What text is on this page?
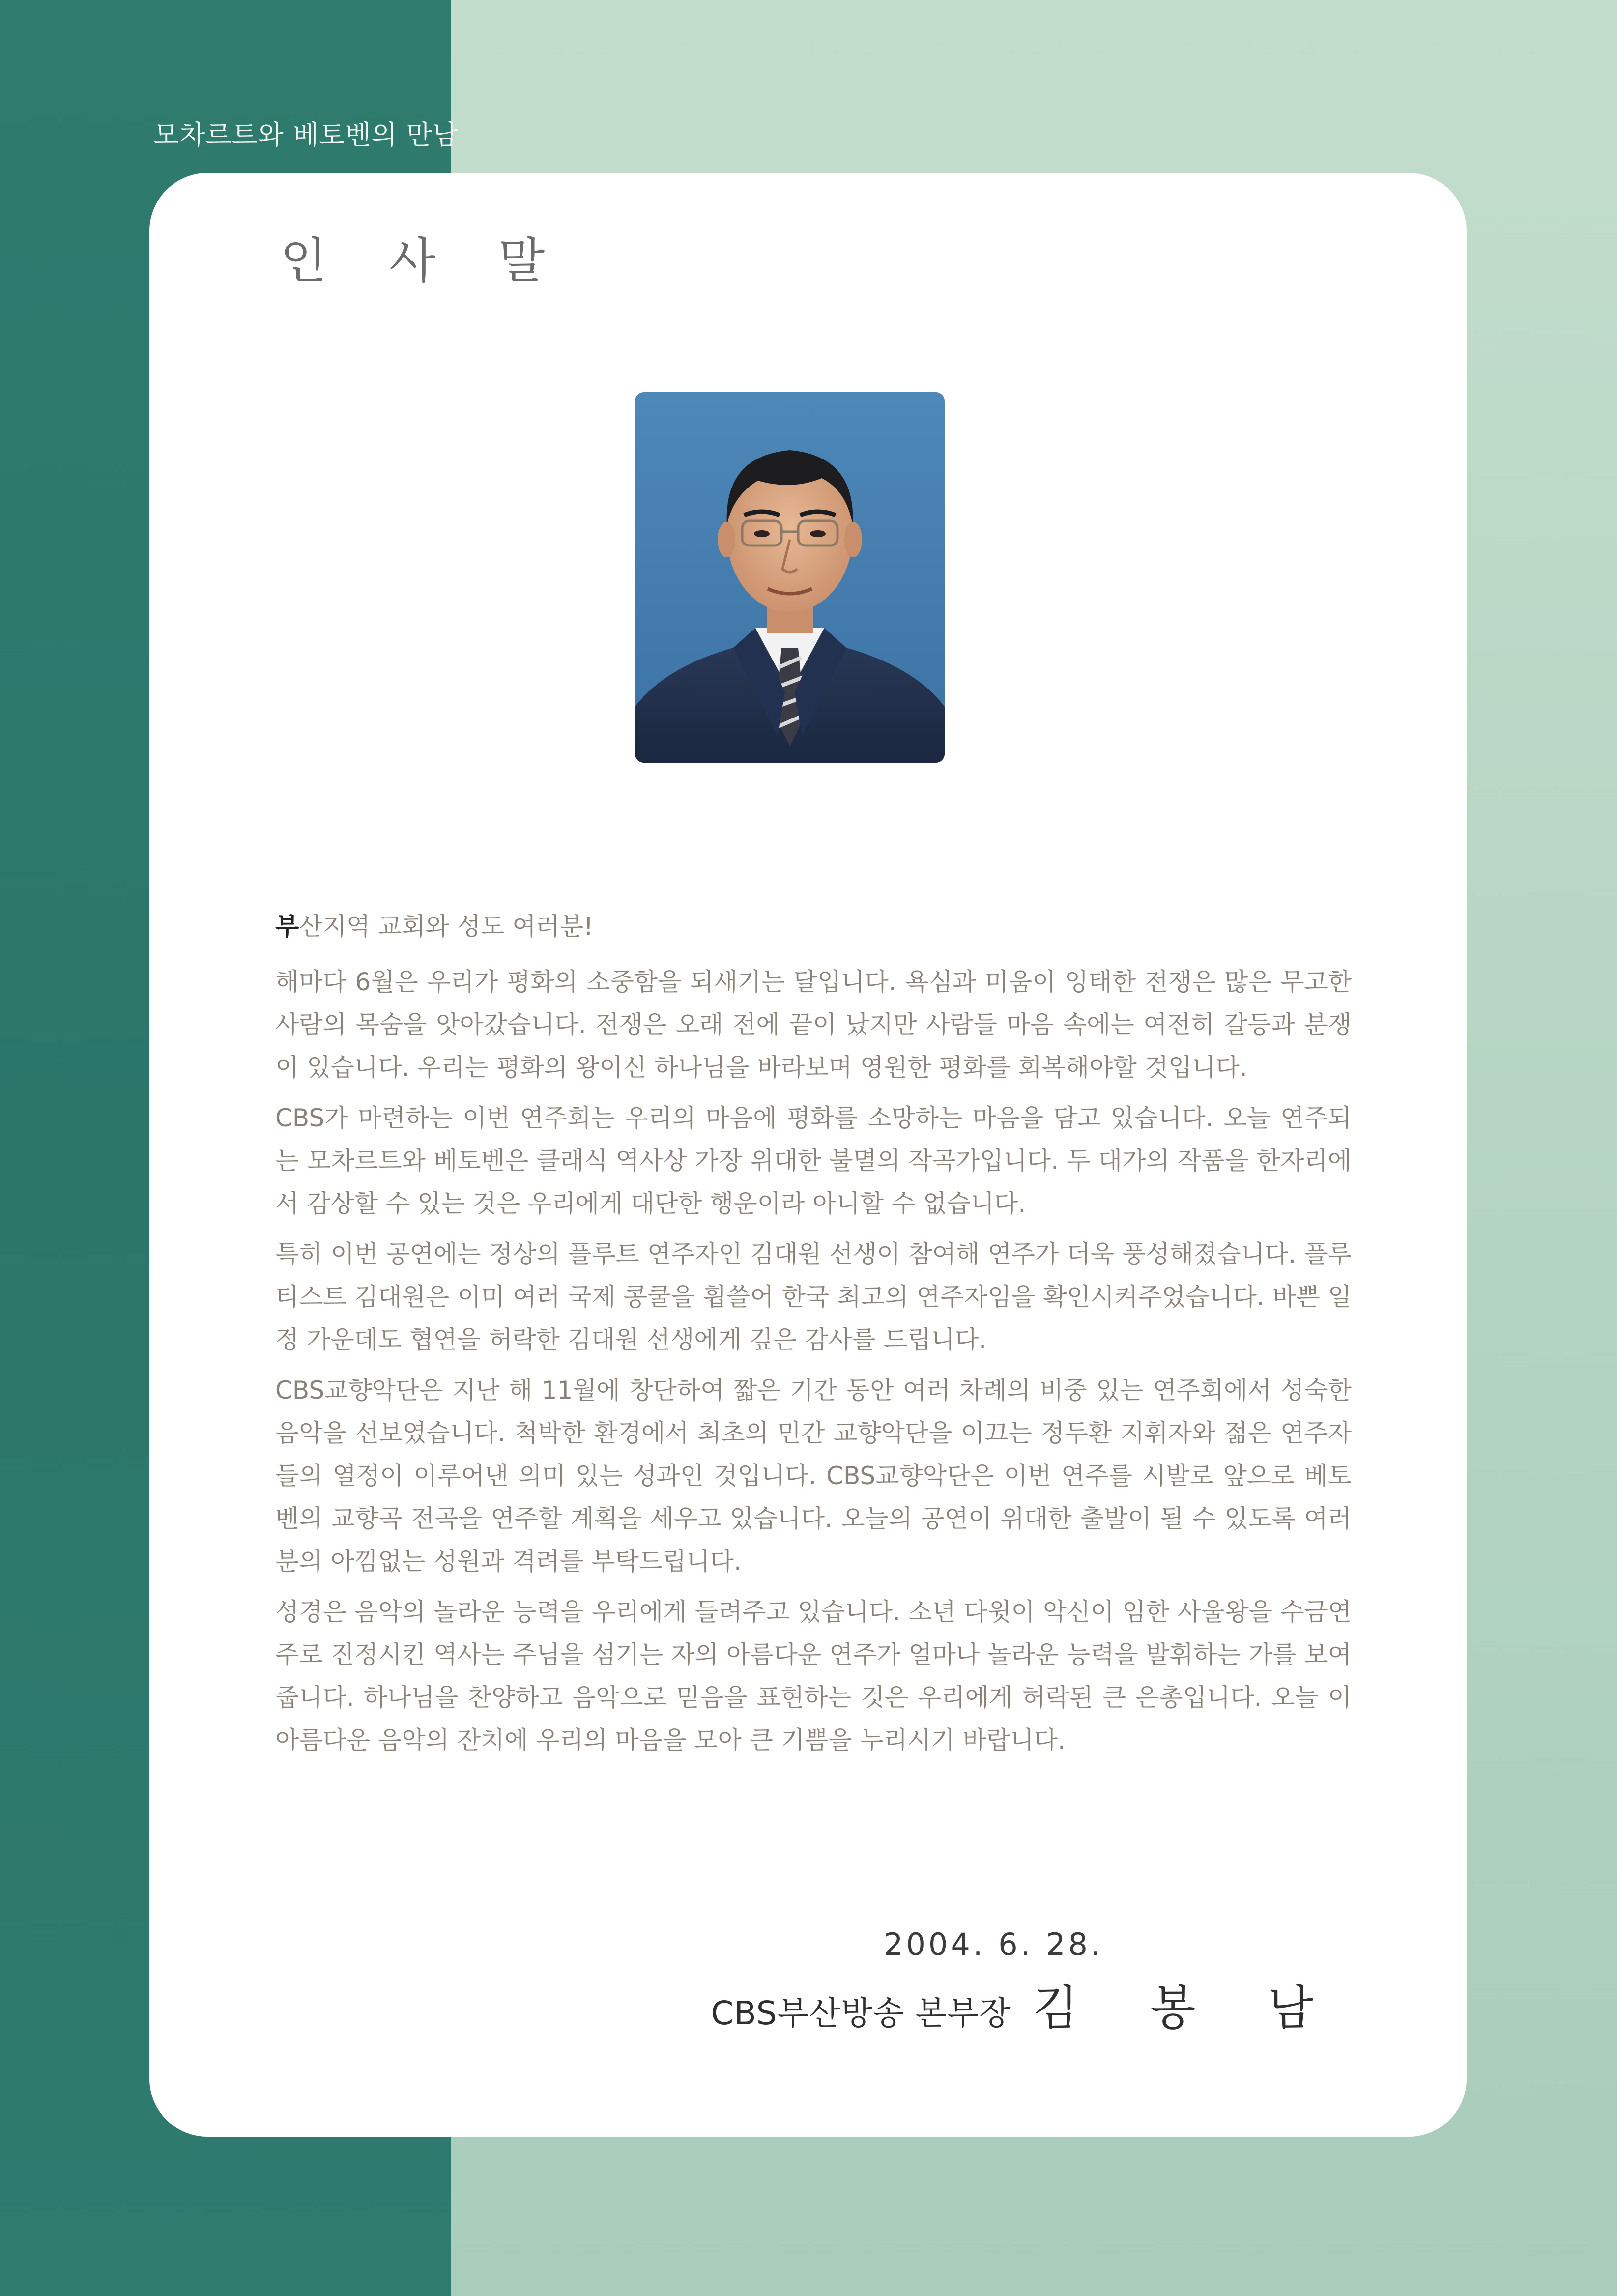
모차르트와 베토벤의 만남
인 사 말

부산지역 교회와 성도 여러분!

해마다 6월은 우리가 평화의 소중함을 되새기는 달입니다. 욕심과 미움이 잉태한 전쟁은 많은 무고한 사람의 목숨을 앗아갔습니다. 전쟁은 오래 전에 끝이 났지만 사람들 마음 속에는 여전히 갈등과 분쟁 이 있습니다. 우리는 평화의 왕이신 하나님을 바라보며 영원한 평화를 회복해야할 것입니다.

CBS가 마련하는 이번 연주회는 우리의 마음에 평화를 소망하는 마음을 담고 있습니다. 오늘 연주되는 모차르트와 베토벤은 클래식 역사상 가장 위대한 불멸의 작곡가입니다. 두 대가의 작품을 한자리에서 감상할 수 있는 것은 우리에게 대단한 행운이라 아니할 수 없습니다.

특히 이번 공연에는 정상의 플루트 연주자인 김대원 선생이 참여해 연주가 더욱 풍성해졌습니다. 플루티스트 김대원은 이미 여러 국제 콩쿨을 휩쓸어 한국 최고의 연주자임을 확인시켜주었습니다. 바쁜 일정 가운데도 협연을 허락한 김대원 선생에게 깊은 감사를 드립니다.

CBS교향악단은 지난 해 11월에 창단하여 짧은 기간 동안 여러 차례의 비중 있는 연주회에서 성숙한 음악을 선보였습니다. 척박한 환경에서 최초의 민간 교향악단을 이끄는 정두환 지휘자와 젊은 연주자들의 열정이 이루어낸 의미 있는 성과인 것입니다. CBS교향악단은 이번 연주를 시발로 앞으로 베토벤의 교향곡 전곡을 연주할 계획을 세우고 있습니다. 오늘의 공연이 위대한 출발이 될 수 있도록 여러분의 아낌없는 성원과 격려를 부탁드립니다.

성경은 음악의 놀라운 능력을 우리에게 들려주고 있습니다. 소년 다윗이 악신이 임한 사울왕을 수금연주로 진정시킨 역사는 주님을 섬기는 자의 아름다운 연주가 얼마나 놀라운 능력을 발휘하는 가를 보여줍니다. 하나님을 찬양하고 음악으로 믿음을 표현하는 것은 우리에게 허락된 큰 은총입니다. 오늘 이 아름다운 음악의 잔치에 우리의 마음을 모아 큰 기쁨을 누리시기 바랍니다.

2004. 6. 28.
CBS부산방송 본부장 김 봉 남
